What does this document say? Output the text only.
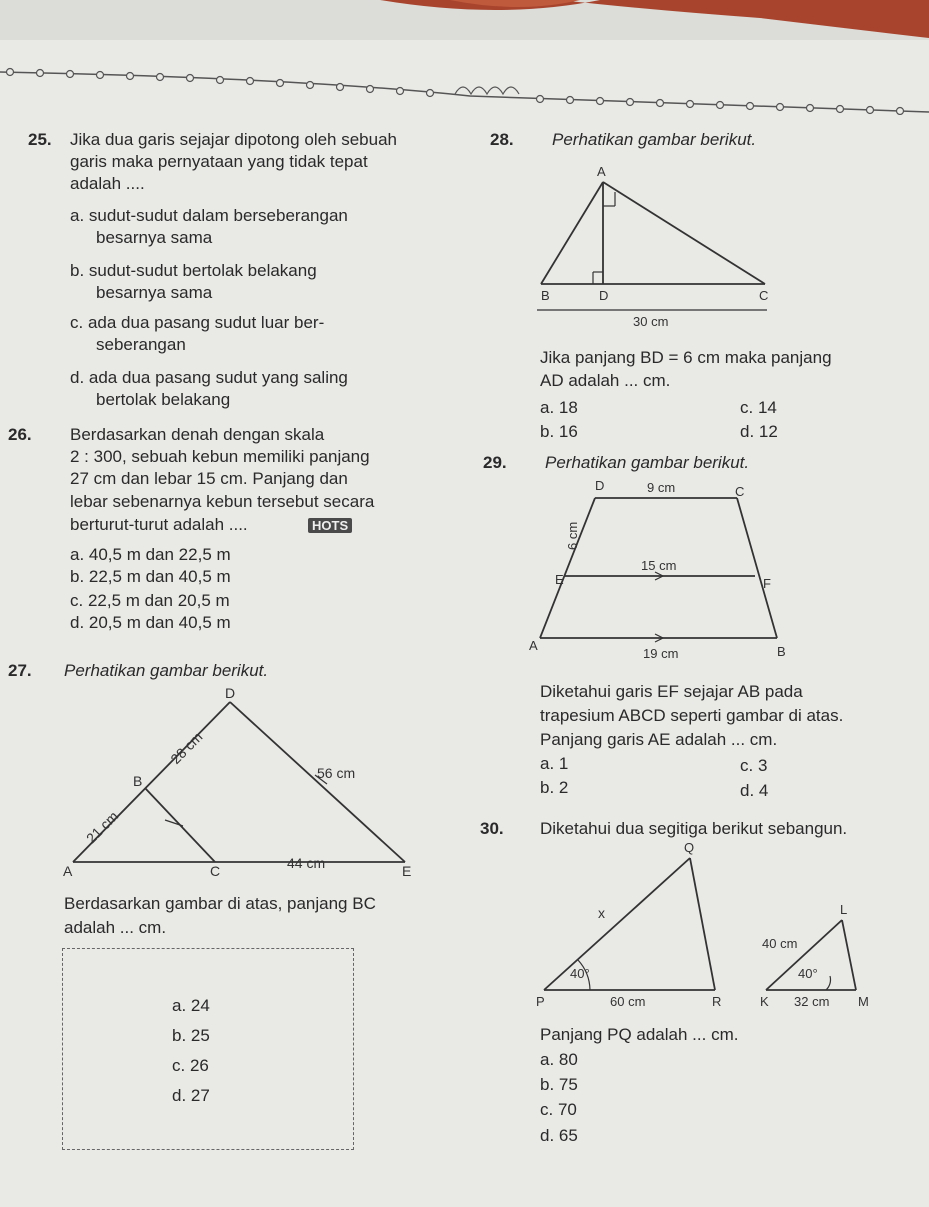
25. Jika dua garis sejajar dipotong oleh sebuah
garis maka pernyataan yang tidak tepat
adalah ....
a. sudut-sudut dalam berseberangan
besarnya sama
b. sudut-sudut bertolak belakang
besarnya sama
c. ada dua pasang sudut luar ber-
seberangan
d. ada dua pasang sudut yang saling
bertolak belakang
26. Berdasarkan denah dengan skala
2 : 300, sebuah kebun memiliki panjang
27 cm dan lebar 15 cm. Panjang dan
lebar sebenarnya kebun tersebut secara
berturut-turut adalah ....	HOTS
a. 40,5 m dan 22,5 m
b. 22,5 m dan 40,5 m
c. 22,5 m dan 20,5 m
d. 20,5 m dan 40,5 m
27. Perhatikan gambar berikut.
D
B
A	C	E
28 cm
21 cm
56 cm
44 cm
Berdasarkan gambar di atas, panjang BC
adalah ... cm.
a. 24
b. 25
c. 26
d. 27
28. Perhatikan gambar berikut.
A
B	D	C
30 cm
Jika panjang BD = 6 cm maka panjang
AD adalah ... cm.
a. 18	c. 14
b. 16	d. 12
29. Perhatikan gambar berikut.
D	C
E	F
A	B
9 cm
6 cm
15 cm
19 cm
Diketahui garis EF sejajar AB pada
trapesium ABCD seperti gambar di atas.
Panjang garis AE adalah ... cm.
a. 1	c. 3
b. 2	d. 4
30. Diketahui dua segitiga berikut sebangun.
Q
x
P	R
40°
60 cm
L
K	M
40 cm
40°
32 cm
Panjang PQ adalah ... cm.
a. 80
b. 75
c. 70
d. 65
